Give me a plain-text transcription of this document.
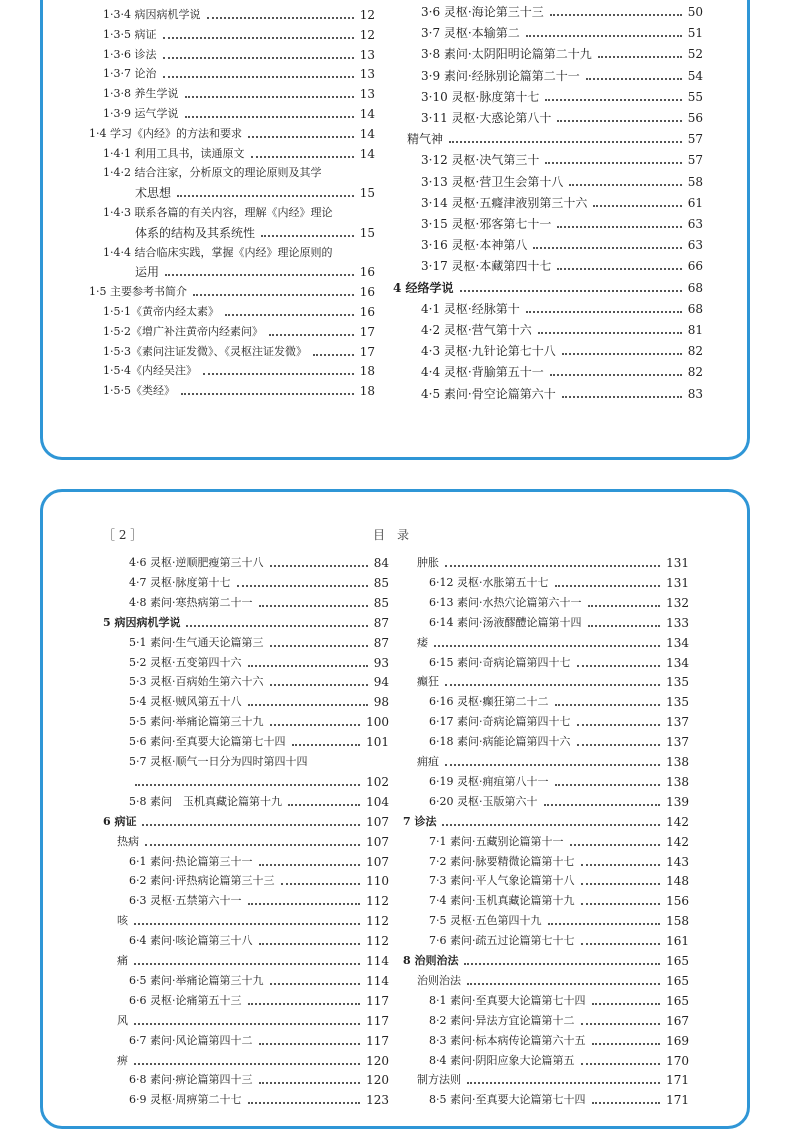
1·3·4 病因病机学说	12
1·3·5 病证	12
1·3·6 诊法	13
1·3·7 论治	13
1·3·8 养生学说	13
1·3·9 运气学说	14
1·4 学习《内经》的方法和要求	14
1·4·1 利用工具书，读通原文	14
1·4·2 结合注家，分析原文的理论原则及其学
术思想	15
1·4·3 联系各篇的有关内容，理解《内经》理论
体系的结构及其系统性	15
1·4·4 结合临床实践，掌握《内经》理论原则的
运用	16
1·5 主要参考书简介	16
1·5·1《黄帝内经太素》	16
1·5·2《增广补注黄帝内经素问》	17
1·5·3《素问注证发微》、《灵枢注证发微》	17
1·5·4《内经吴注》	18
1·5·5《类经》	18
3·6 灵枢·海论第三十三	50
3·7 灵枢·本输第二	51
3·8 素问·太阴阳明论篇第二十九	52
3·9 素问·经脉别论篇第二十一	54
3·10 灵枢·脉度第十七	55
3·11 灵枢·大惑论第八十	56
精气神	57
3·12 灵枢·决气第三十	57
3·13 灵枢·营卫生会第十八	58
3·14 灵枢·五癃津液别第三十六	61
3·15 灵枢·邪客第七十一	63
3·16 灵枢·本神第八	63
3·17 灵枢·本藏第四十七	66
4 经络学说	68
4·1 灵枢·经脉第十	68
4·2 灵枢·营气第十六	81
4·3 灵枢·九针论第七十八	82
4·4 灵枢·背腧第五十一	82
4·5 素问·骨空论篇第六十	83
［ 2 ］	目　录
4·6 灵枢·逆顺肥瘦第三十八	84
4·7 灵枢·脉度第十七	85
4·8 素问·寒热病第二十一	85
5 病因病机学说	87
5·1 素问·生气通天论篇第三	87
5·2 灵枢·五变第四十六	93
5·3 灵枢·百病始生第六十六	94
5·4 灵枢·贼风第五十八	98
5·5 素问·举痛论篇第三十九	100
5·6 素问·至真要大论篇第七十四	101
5·7 灵枢·顺气一日分为四时第四十四
102
5·8 素问　玉机真藏论篇第十九	104
6 病证	107
热病	107
6·1 素问·热论篇第三十一	107
6·2 素问·评热病论篇第三十三	110
6·3 灵枢·五禁第六十一	112
咳	112
6·4 素问·咳论篇第三十八	112
痛	114
6·5 素问·举痛论篇第三十九	114
6·6 灵枢·论痛第五十三	117
风	117
6·7 素问·风论篇第四十二	117
痹	120
6·8 素问·痹论篇第四十三	120
6·9 灵枢·周痹第二十七	123
肿胀	131
6·12 灵枢·水胀第五十七	131
6·13 素问·水热穴论篇第六十一	132
6·14 素问·汤液醪醴论篇第十四	133
痿	134
6·15 素问·奇病论篇第四十七	134
癫狂	135
6·16 灵枢·癫狂第二十二	135
6·17 素问·奇病论篇第四十七	137
6·18 素问·病能论篇第四十六	137
痈疽	138
6·19 灵枢·痈疽第八十一	138
6·20 灵枢·玉版第六十	139
7 诊法	142
7·1 素问·五藏别论篇第十一	142
7·2 素问·脉要精微论篇第十七	143
7·3 素问·平人气象论篇第十八	148
7·4 素问·玉机真藏论篇第十九	156
7·5 灵枢·五色第四十九	158
7·6 素问·疏五过论篇第七十七	161
8 治则治法	165
治则治法	165
8·1 素问·至真要大论篇第七十四	165
8·2 素问·异法方宜论篇第十二	167
8·3 素问·标本病传论篇第六十五	169
8·4 素问·阴阳应象大论篇第五	170
制方法则	171
8·5 素问·至真要大论篇第七十四	171
